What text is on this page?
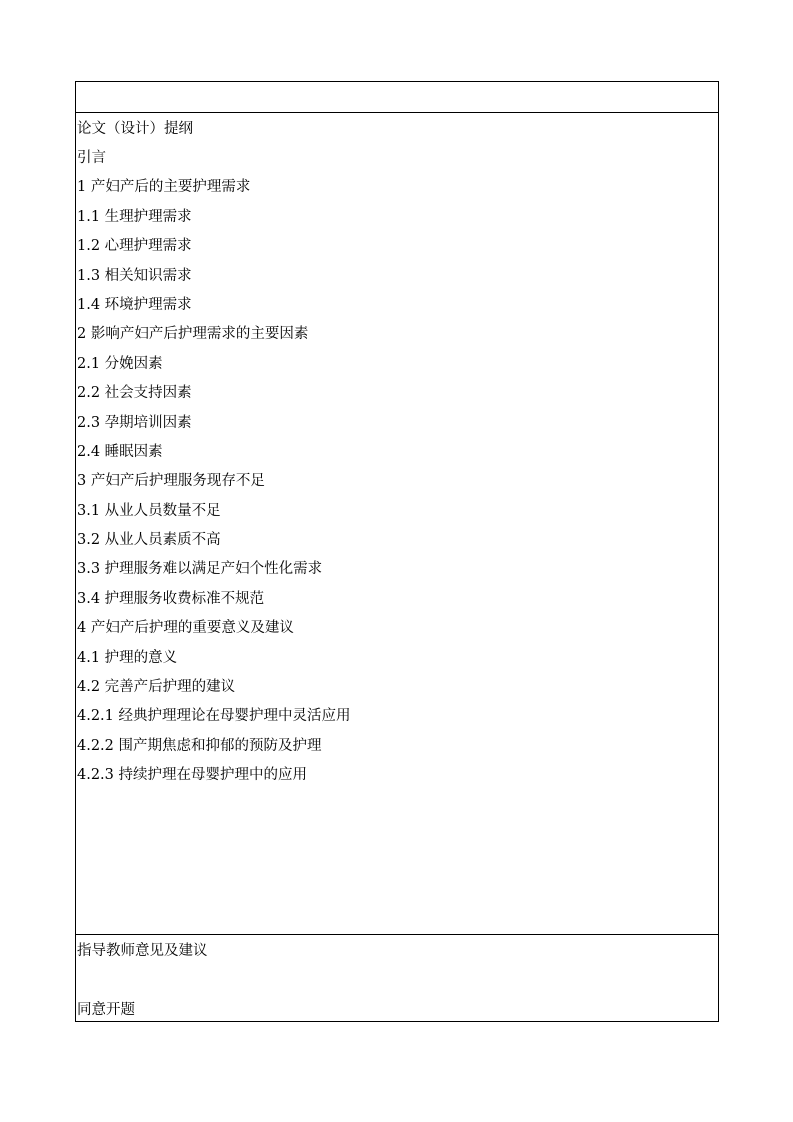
论文（设计）提纲
引言
1 产妇产后的主要护理需求
1.1 生理护理需求
1.2 心理护理需求
1.3 相关知识需求
1.4 环境护理需求
2 影响产妇产后护理需求的主要因素
2.1 分娩因素
2.2 社会支持因素
2.3 孕期培训因素
2.4 睡眠因素
3 产妇产后护理服务现存不足
3.1 从业人员数量不足
3.2 从业人员素质不高
3.3 护理服务难以满足产妇个性化需求
3.4 护理服务收费标准不规范
4 产妇产后护理的重要意义及建议
4.1 护理的意义
4.2 完善产后护理的建议
4.2.1 经典护理理论在母婴护理中灵活应用
4.2.2 围产期焦虑和抑郁的预防及护理
4.2.3 持续护理在母婴护理中的应用
指导教师意见及建议
同意开题
